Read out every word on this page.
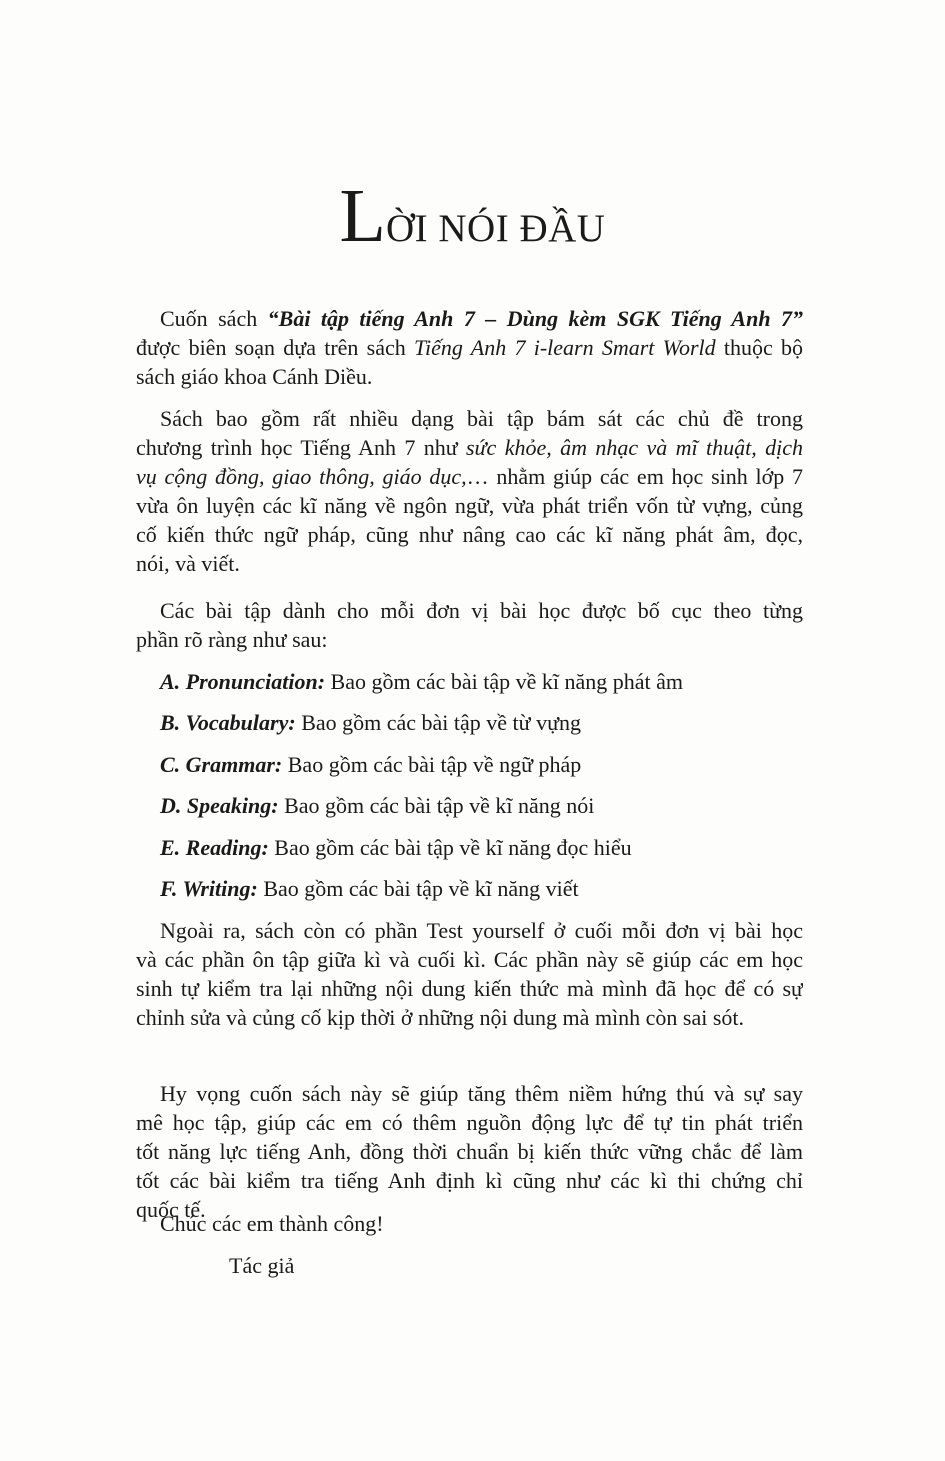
LỜI NÓI ĐẦU
Cuốn sách “Bài tập tiếng Anh 7 – Dùng kèm SGK Tiếng Anh 7”
được biên soạn dựa trên sách Tiếng Anh 7 i-learn Smart World thuộc bộ
sách giáo khoa Cánh Diều.
Sách bao gồm rất nhiều dạng bài tập bám sát các chủ đề trong
chương trình học Tiếng Anh 7 như sức khỏe, âm nhạc và mĩ thuật, dịch
vụ cộng đồng, giao thông, giáo dục,… nhằm giúp các em học sinh lớp 7
vừa ôn luyện các kĩ năng về ngôn ngữ, vừa phát triển vốn từ vựng, củng
cố kiến thức ngữ pháp, cũng như nâng cao các kĩ năng phát âm, đọc,
nói, và viết.
Các bài tập dành cho mỗi đơn vị bài học được bố cục theo từng
phần rõ ràng như sau:
Ngoài ra, sách còn có phần Test yourself ở cuối mỗi đơn vị bài học
và các phần ôn tập giữa kì và cuối kì. Các phần này sẽ giúp các em học
sinh tự kiểm tra lại những nội dung kiến thức mà mình đã học để có sự
chỉnh sửa và củng cố kịp thời ở những nội dung mà mình còn sai sót.
Hy vọng cuốn sách này sẽ giúp tăng thêm niềm hứng thú và sự say
mê học tập, giúp các em có thêm nguồn động lực để tự tin phát triển
tốt năng lực tiếng Anh, đồng thời chuẩn bị kiến thức vững chắc để làm
tốt các bài kiểm tra tiếng Anh định kì cũng như các kì thi chứng chỉ
quốc tế.
A. Pronunciation: Bao gồm các bài tập về kĩ năng phát âm
B. Vocabulary: Bao gồm các bài tập về từ vựng
C. Grammar: Bao gồm các bài tập về ngữ pháp
D. Speaking: Bao gồm các bài tập về kĩ năng nói
E. Reading: Bao gồm các bài tập về kĩ năng đọc hiểu
F. Writing: Bao gồm các bài tập về kĩ năng viết
Chúc các em thành công!
Tác giả
